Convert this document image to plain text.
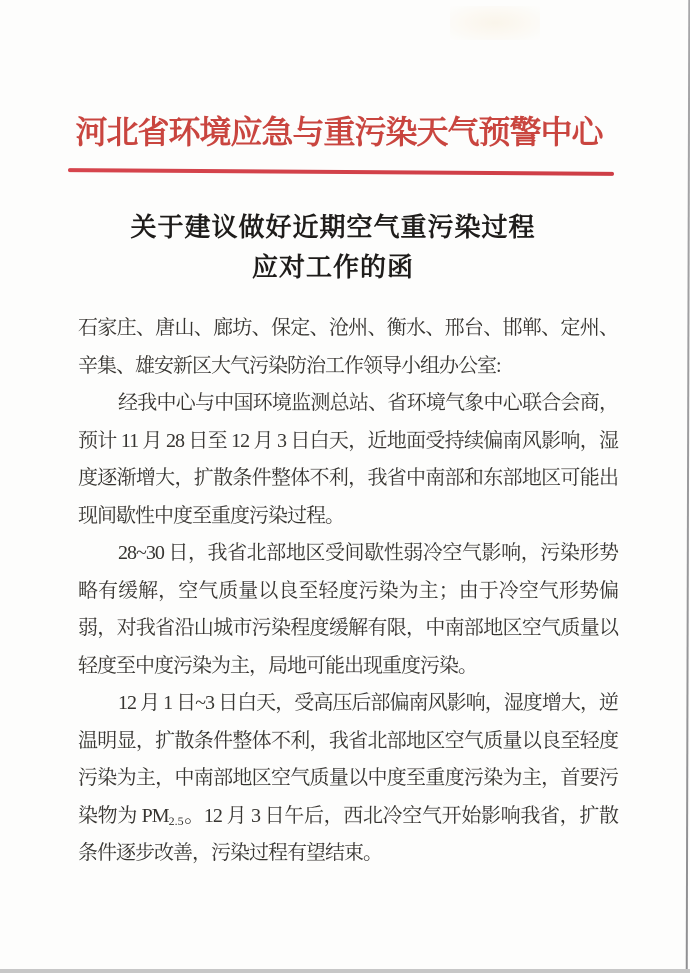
河北省环境应急与重污染天气预警中心
关于建议做好近期空气重污染过程
应对工作的函

石家庄、唐山、廊坊、保定、沧州、衡水、邢台、邯郸、定州、辛集、雄安新区大气污染防治工作领导小组办公室:

经我中心与中国环境监测总站、省环境气象中心联合会商，预计 11 月 28 日至 12 月 3 日白天，近地面受持续偏南风影响，湿度逐渐增大，扩散条件整体不利，我省中南部和东部地区可能出现间歇性中度至重度污染过程。

28~30 日，我省北部地区受间歇性弱冷空气影响，污染形势略有缓解，空气质量以良至轻度污染为主；由于冷空气形势偏弱，对我省沿山城市污染程度缓解有限，中南部地区空气质量以轻度至中度污染为主，局地可能出现重度污染。

12 月 1 日~3 日白天，受高压后部偏南风影响，湿度增大，逆温明显，扩散条件整体不利，我省北部地区空气质量以良至轻度污染为主，中南部地区空气质量以中度至重度污染为主，首要污染物为 $PM_{2.5}$。12 月 3 日午后，西北冷空气开始影响我省，扩散条件逐步改善，污染过程有望结束。
